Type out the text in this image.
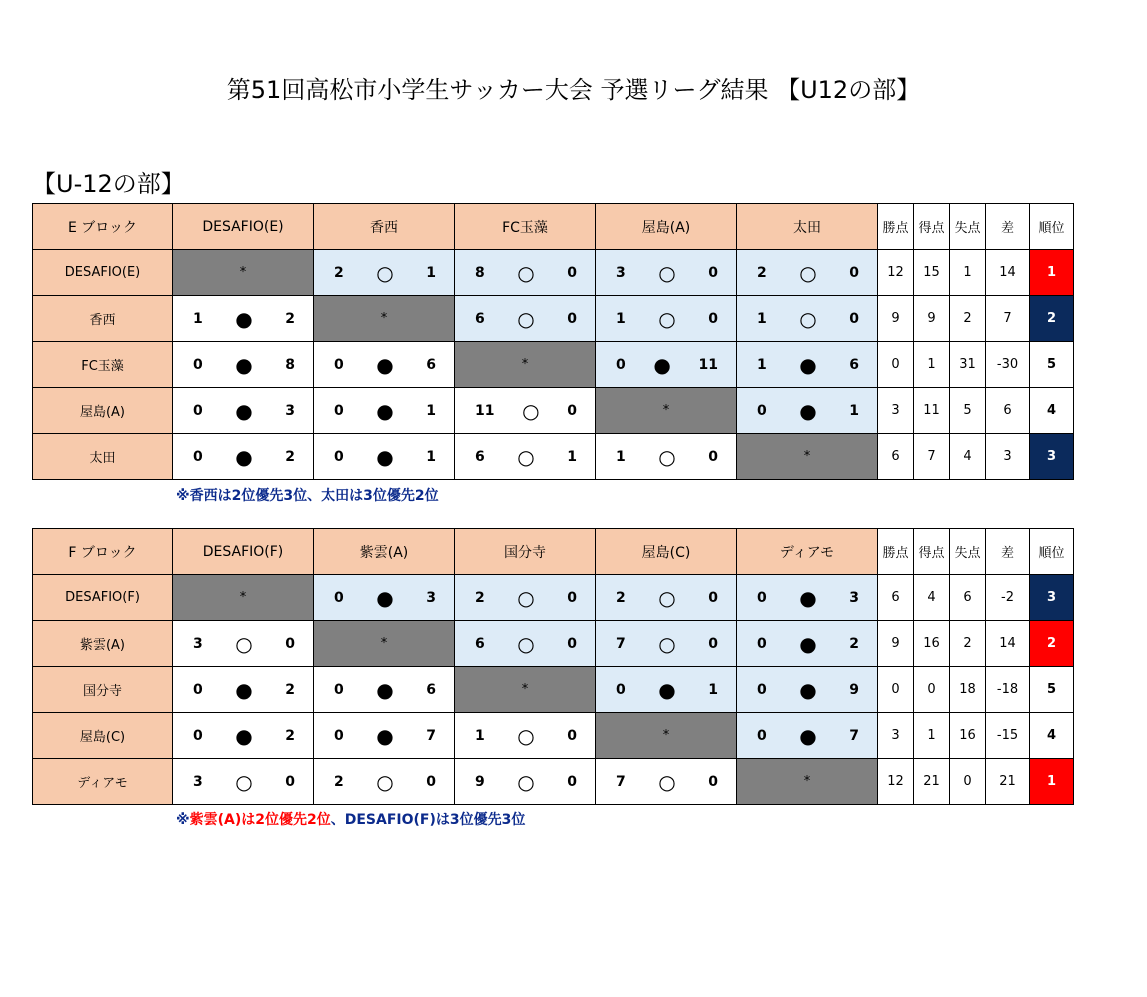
第51回高松市小学生サッカー大会 予選リーグ結果 【U12の部】
【U-12の部】
E ブロック	DESAFIO(E)	香西	FC玉藻	屋島(A)	太田	勝点	得点	失点	差	順位
DESAFIO(E)	*	2 ○ 1	8 ○ 0	3 ○ 0	2 ○ 0	12	15	1	14	1
香西	1 ● 2	*	6 ○ 0	1 ○ 0	1 ○ 0	9	9	2	7	2
FC玉藻	0 ● 8	0 ● 6	*	0 ● 11	1 ● 6	0	1	31	-30	5
屋島(A)	0 ● 3	0 ● 1	11 ○ 0	*	0 ● 1	3	11	5	6	4
太田	0 ● 2	0 ● 1	6 ○ 1	1 ○ 0	*	6	7	4	3	3
※香西は2位優先3位、太田は3位優先2位
F ブロック	DESAFIO(F)	紫雲(A)	国分寺	屋島(C)	ディアモ	勝点	得点	失点	差	順位
DESAFIO(F)	*	0 ● 3	2 ○ 0	2 ○ 0	0 ● 3	6	4	6	-2	3
紫雲(A)	3 ○ 0	*	6 ○ 0	7 ○ 0	0 ● 2	9	16	2	14	2
国分寺	0 ● 2	0 ● 6	*	0 ● 1	0 ● 9	0	0	18	-18	5
屋島(C)	0 ● 2	0 ● 7	1 ○ 0	*	0 ● 7	3	1	16	-15	4
ディアモ	3 ○ 0	2 ○ 0	9 ○ 0	7 ○ 0	*	12	21	0	21	1
※紫雲(A)は2位優先2位、DESAFIO(F)は3位優先3位
